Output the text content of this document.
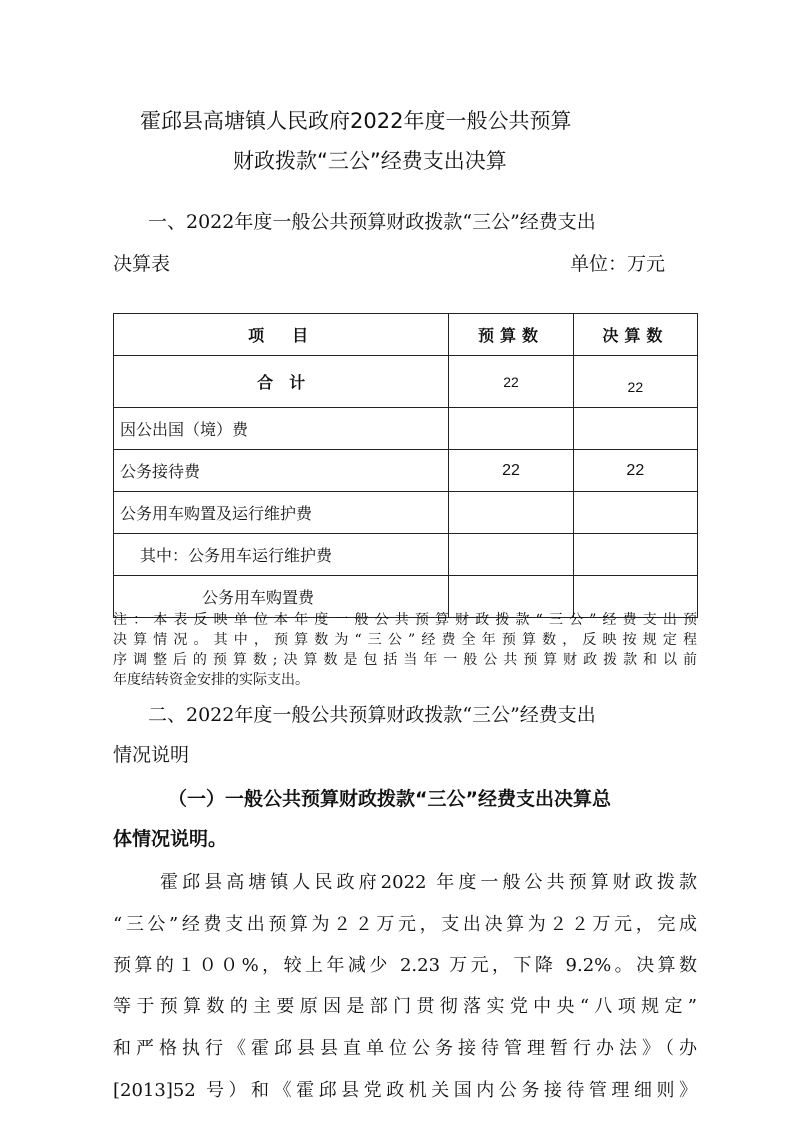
霍邱县高塘镇人民政府2022年度一般公共预算
财政拨款“三公”经费支出决算
一、2022年度一般公共预算财政拨款“三公”经费支出
决算表	单位：万元
项　目	预算数	决算数
合　计	22	22
因公出国（境）费		
公务接待费	22	22
公务用车购置及运行维护费		
其中：公务用车运行维护费		
公务用车购置费		
注：本表反映单位本年度一般公共预算财政拨款“三公”经费支出预
决算情况。其中，预算数为“三公”经费全年预算数，反映按规定程
序调整后的预算数;决算数是包括当年一般公共预算财政拨款和以前
年度结转资金安排的实际支出。
二、2022年度一般公共预算财政拨款“三公”经费支出
情况说明
（一）一般公共预算财政拨款“三公”经费支出决算总
体情况说明。
霍邱县高塘镇人民政府2022 年度一般公共预算财政拨款
“三公”经费支出预算为２２万元，支出决算为２２万元，完成
预算的１００%，较上年减少 2.23 万元，下降 9.2%。决算数
等于预算数的主要原因是部门贯彻落实党中央“八项规定”
和严格执行《霍邱县县直单位公务接待管理暂行办法》（办
[2013]52 号）和《霍邱县党政机关国内公务接待管理细则》
